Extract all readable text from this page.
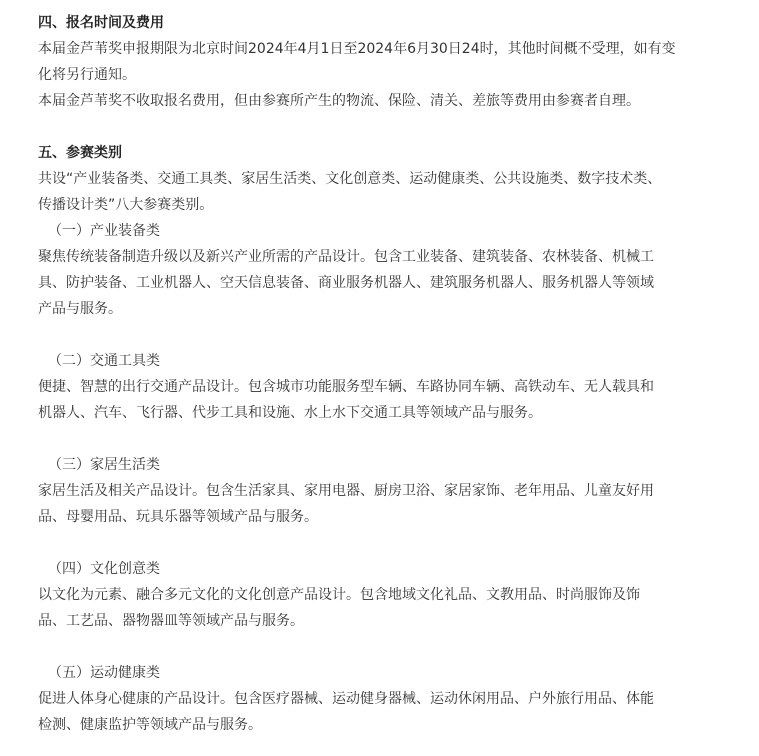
四、报名时间及费用

本届金芦苇奖申报期限为北京时间2024年4月1日至2024年6月30日24时，其他时间概不受理，如有变

化将另行通知。

本届金芦苇奖不收取报名费用，但由参赛所产生的物流、保险、清关、差旅等费用由参赛者自理。

五、参赛类别

共设“产业装备类、交通工具类、家居生活类、文化创意类、运动健康类、公共设施类、数字技术类、

传播设计类”八大参赛类别。

（一）产业装备类

聚焦传统装备制造升级以及新兴产业所需的产品设计。包含工业装备、建筑装备、农林装备、机械工

具、防护装备、工业机器人、空天信息装备、商业服务机器人、建筑服务机器人、服务机器人等领域

产品与服务。

（二）交通工具类

便捷、智慧的出行交通产品设计。包含城市功能服务型车辆、车路协同车辆、高铁动车、无人载具和

机器人、汽车、飞行器、代步工具和设施、水上水下交通工具等领域产品与服务。

（三）家居生活类

家居生活及相关产品设计。包含生活家具、家用电器、厨房卫浴、家居家饰、老年用品、儿童友好用

品、母婴用品、玩具乐器等领域产品与服务。

（四）文化创意类

以文化为元素、融合多元文化的文化创意产品设计。包含地域文化礼品、文教用品、时尚服饰及饰

品、工艺品、器物器皿等领域产品与服务。

（五）运动健康类

促进人体身心健康的产品设计。包含医疗器械、运动健身器械、运动休闲用品、户外旅行用品、体能

检测、健康监护等领域产品与服务。
